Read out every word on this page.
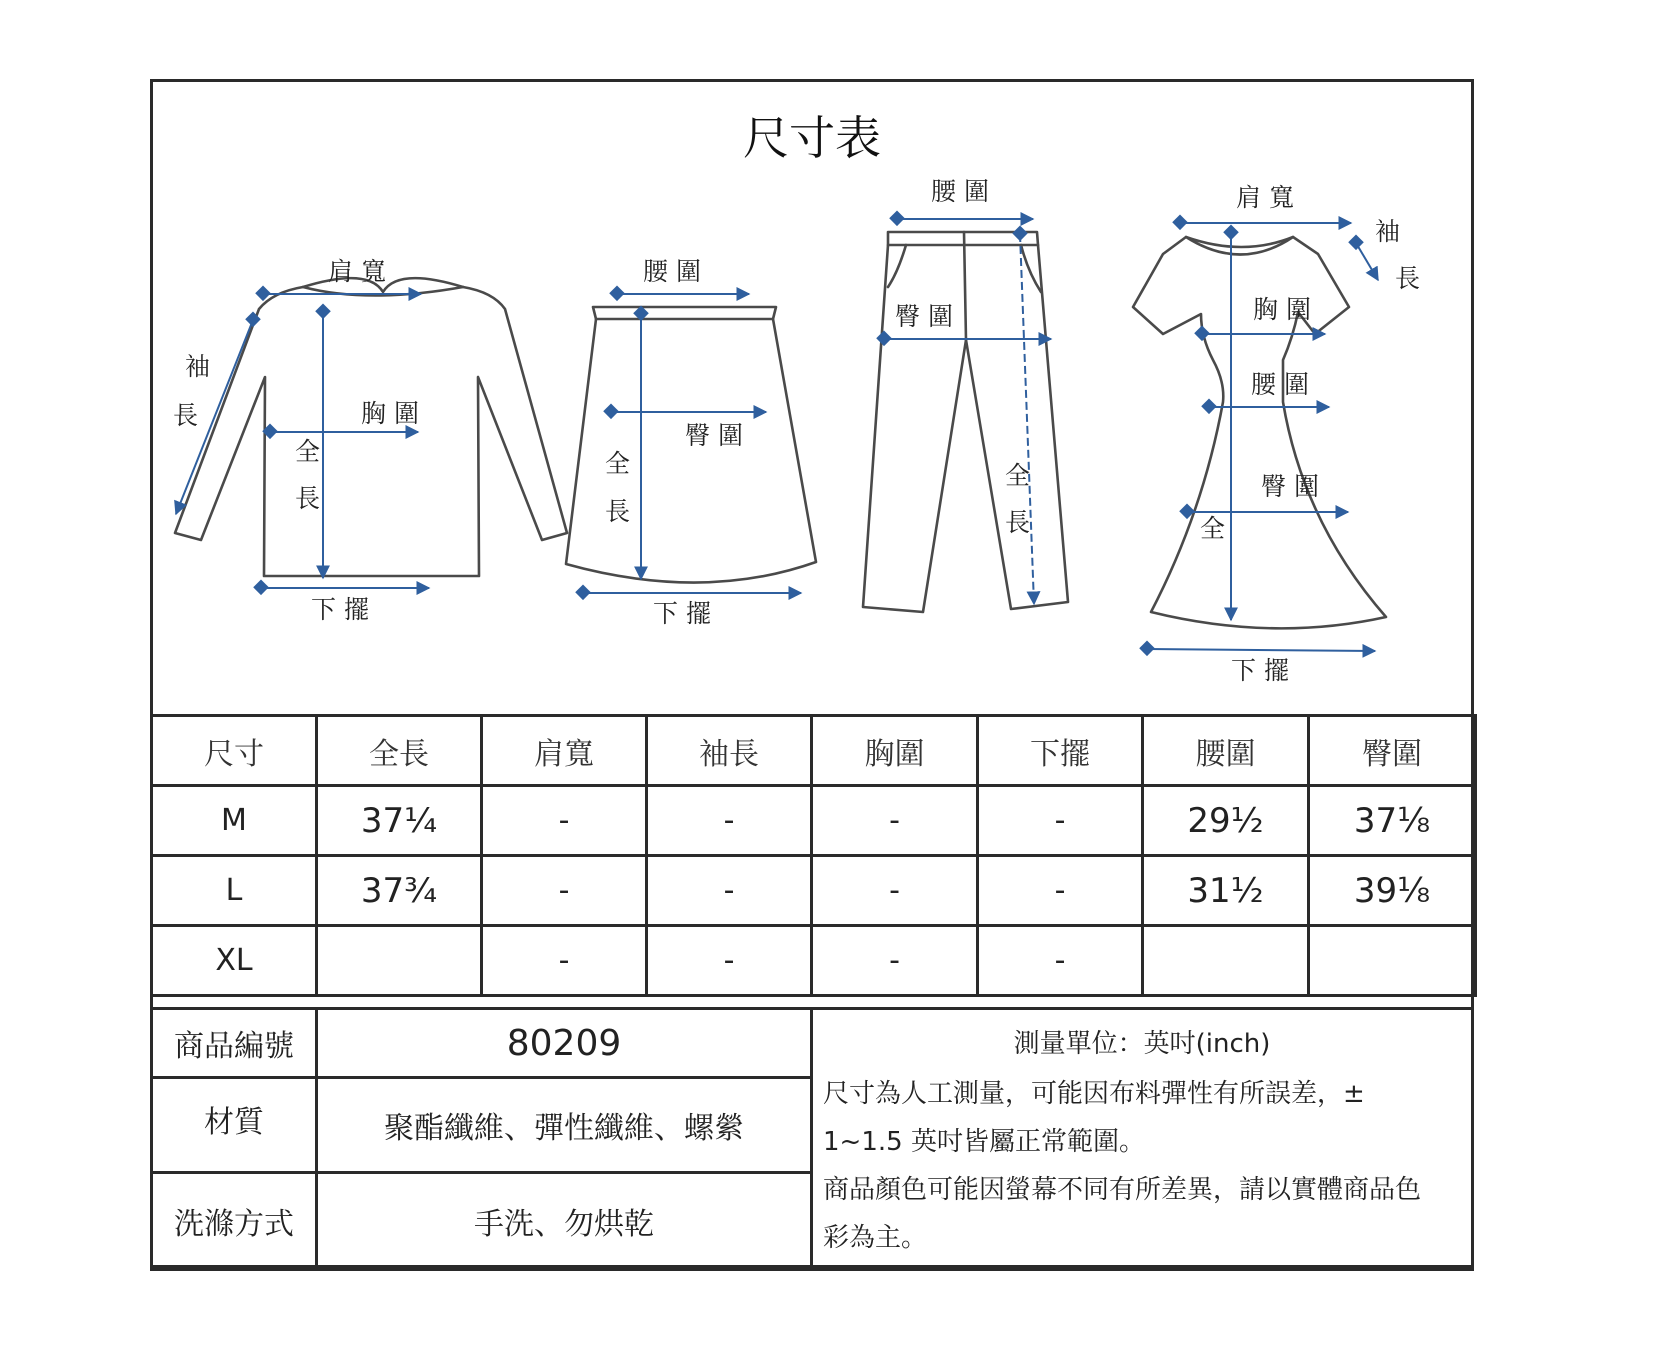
尺寸表
肩 寬
袖
長	胸 圍
全
長
下 擺
腰 圍
臀 圍
全
長
下 擺
腰 圍
臀 圍
全
長
肩 寬
袖
長
胸 圍
腰 圍
臀 圍
全
下 擺
尺寸	全長	肩寬	袖長	胸圍	下擺	腰圍	臀圍
M	37¼	-	-	-	-	29½	37⅛
L	37¾	-	-	-	-	31½	39⅛
XL		-	-	-	-		
商品編號	80209
材質	聚酯纖維、彈性纖維、螺縈
洗滌方式	手洗、勿烘乾
測量單位：英吋(inch)
尺寸為人工測量，可能因布料彈性有所誤差，±
1~1.5 英吋皆屬正常範圍。
商品顏色可能因螢幕不同有所差異，請以實體商品色
彩為主。
